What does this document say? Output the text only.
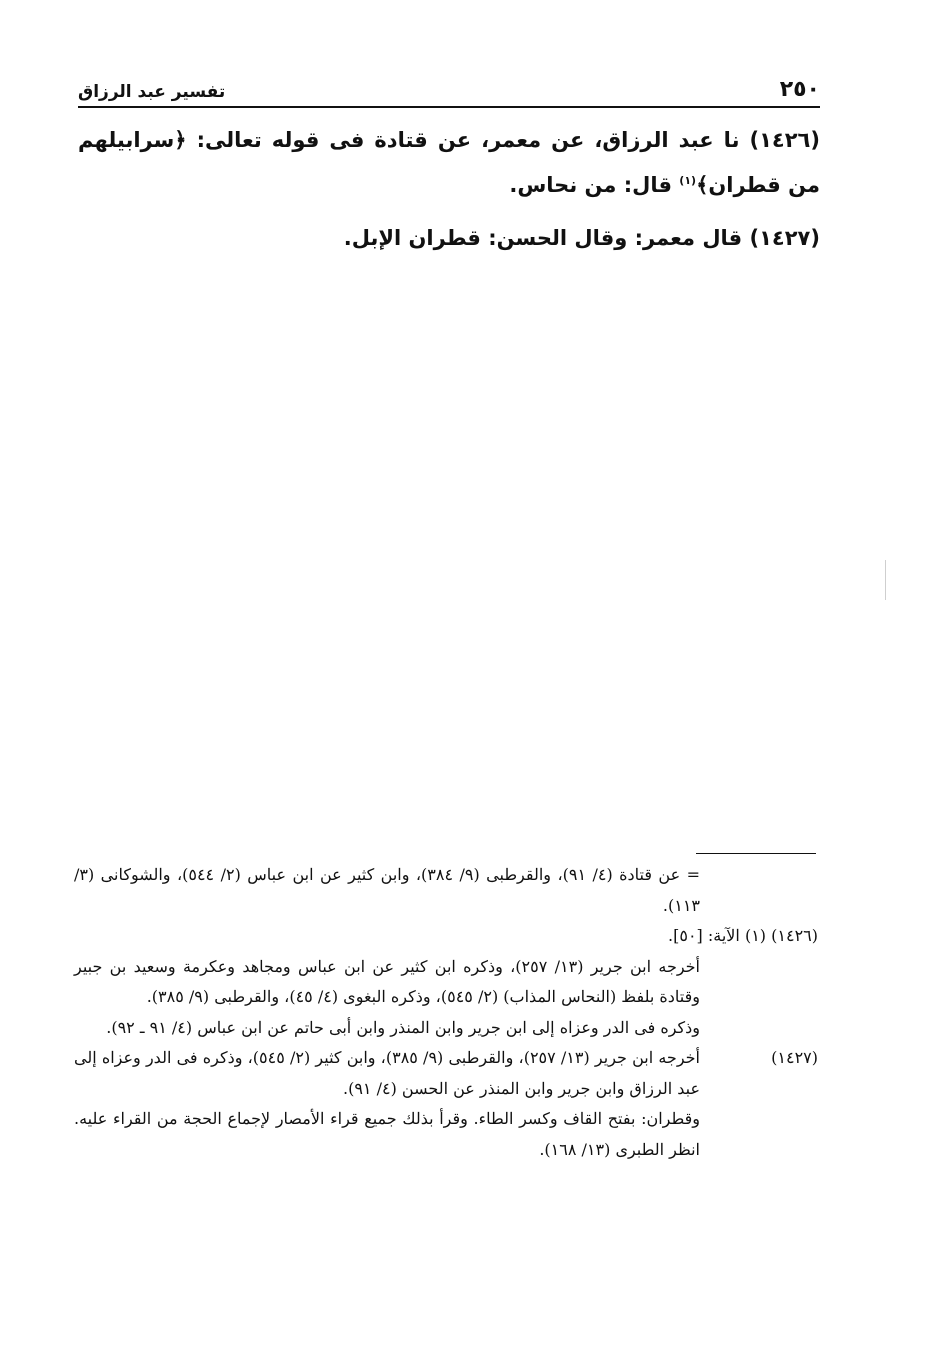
٢٥٠
تفسير عبد الرزاق

(١٤٢٦) نا عبد الرزاق، عن معمر، عن قتادة فى قوله تعالى: ﴿سرابيلهم من قطران﴾$^{(١)}$ قال: من نحاس.

(١٤٢٧) قال معمر: وقال الحسن: قطران الإبل.

= عن قتادة (٤/ ٩١)، والقرطبى (٩/ ٣٨٤)، وابن كثير عن ابن عباس (٢/ ٥٤٤)، والشوكانى (٣/ ١١٣).

(١٤٢٦) (١) الآية: [٥٠].

أخرجه ابن جرير (١٣/ ٢٥٧)، وذكره ابن كثير عن ابن عباس ومجاهد وعكرمة وسعيد بن جبير وقتادة بلفظ (النحاس المذاب) (٢/ ٥٤٥)، وذكره البغوى (٤/ ٤٥)، والقرطبى (٩/ ٣٨٥).

وذكره فى الدر وعزاه إلى ابن جرير وابن المنذر وابن أبى حاتم عن ابن عباس (٤/ ٩١ ـ ٩٢).

(١٤٢٧)

أخرجه ابن جرير (١٣/ ٢٥٧)، والقرطبى (٩/ ٣٨٥)، وابن كثير (٢/ ٥٤٥)، وذكره فى الدر وعزاه إلى عبد الرزاق وابن جرير وابن المنذر عن الحسن (٤/ ٩١).

وقطران: بفتح القاف وكسر الطاء. وقرأ بذلك جميع قراء الأمصار لإجماع الحجة من القراء عليه. انظر الطبرى (١٣/ ١٦٨).
